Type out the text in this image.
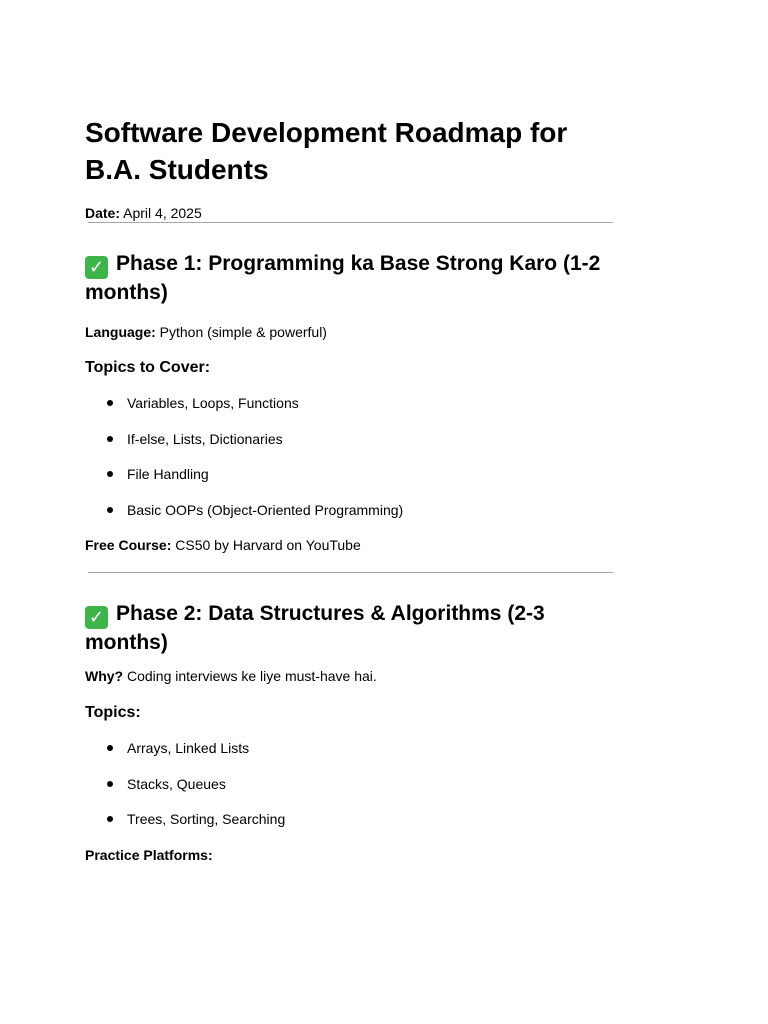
Software Development Roadmap for B.A. Students
Date: April 4, 2025
✓ Phase 1: Programming ka Base Strong Karo (1-2 months)
Language: Python (simple & powerful)
Topics to Cover:
Variables, Loops, Functions
If-else, Lists, Dictionaries
File Handling
Basic OOPs (Object-Oriented Programming)
Free Course: CS50 by Harvard on YouTube
✓ Phase 2: Data Structures & Algorithms (2-3 months)
Why? Coding interviews ke liye must-have hai.
Topics:
Arrays, Linked Lists
Stacks, Queues
Trees, Sorting, Searching
Practice Platforms:
